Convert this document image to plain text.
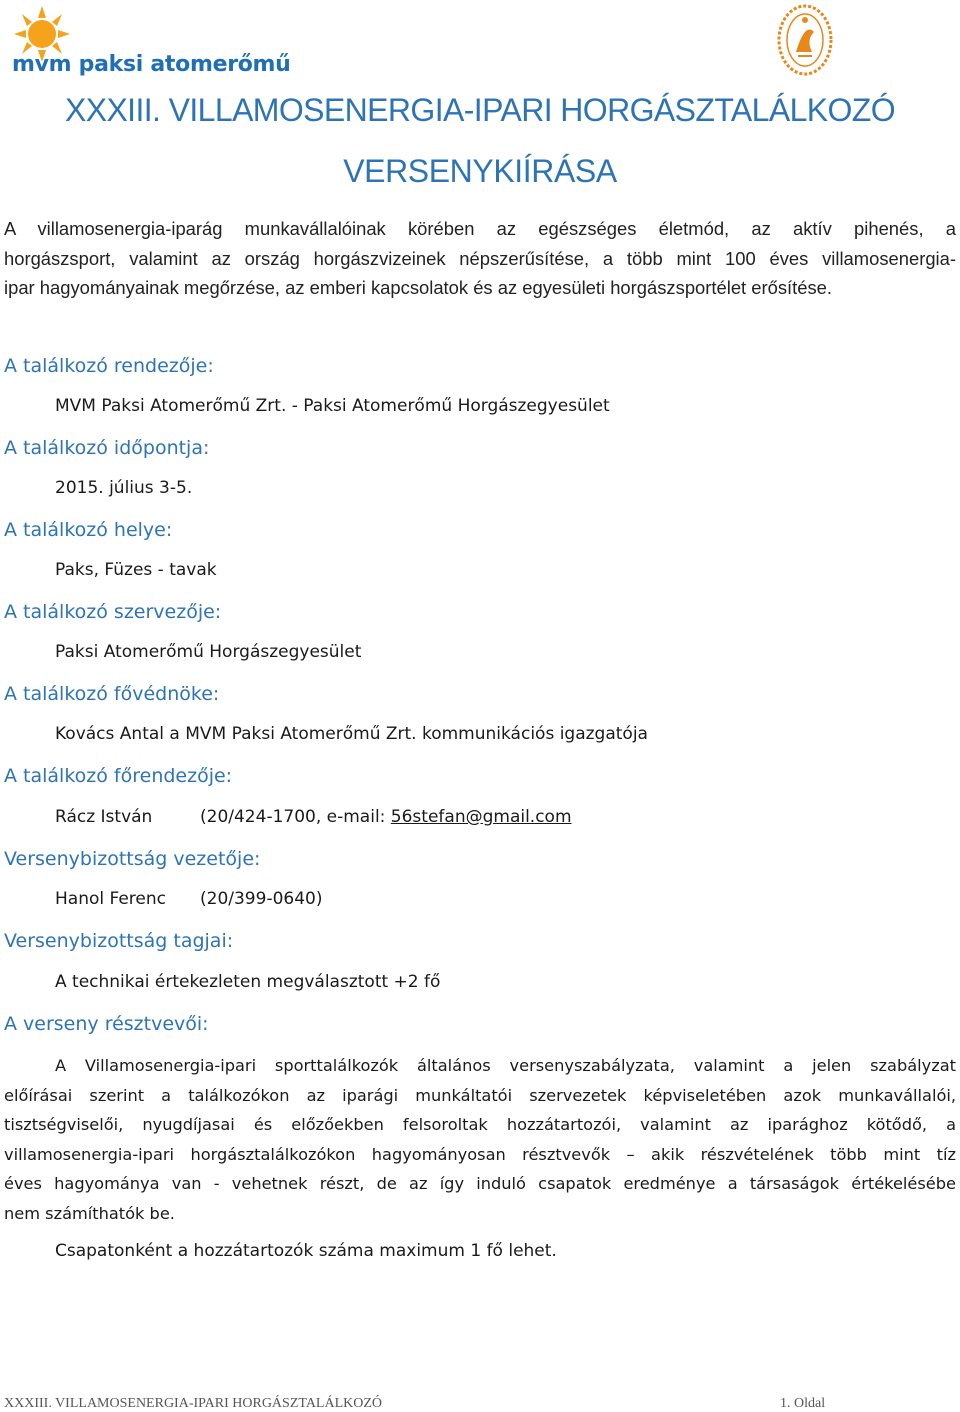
mvm paksi atomerőmű
XXXIII. VILLAMOSENERGIA-IPARI HORGÁSZTALÁLKOZÓ
VERSENYKIÍRÁSA
A villamosenergia-iparág munkavállalóinak körében az egészséges életmód, az aktív pihenés, a
horgászsport, valamint az ország horgászvizeinek népszerűsítése, a több mint 100 éves villamosenergia-
ipar hagyományainak megőrzése, az emberi kapcsolatok és az egyesületi horgászsportélet erősítése.
A találkozó rendezője:
MVM Paksi Atomerőmű Zrt. - Paksi Atomerőmű Horgászegyesület
A találkozó időpontja:
2015. július 3-5.
A találkozó helye:
Paks, Füzes - tavak
A találkozó szervezője:
Paksi Atomerőmű Horgászegyesület
A találkozó fővédnöke:
Kovács Antal a MVM Paksi Atomerőmű Zrt. kommunikációs igazgatója
A találkozó főrendezője:
Rácz István	(20/424-1700, e-mail: 56stefan@gmail.com
Versenybizottság vezetője:
Hanol Ferenc (20/399-0640)
Versenybizottság tagjai:
A technikai értekezleten megválasztott +2 fő
A verseny résztvevői:
A Villamosenergia-ipari sporttalálkozók általános versenyszabályzata, valamint a jelen szabályzat
előírásai szerint a találkozókon az iparági munkáltatói szervezetek képviseletében azok munkavállalói,
tisztségviselői, nyugdíjasai és előzőekben felsoroltak hozzátartozói, valamint az iparághoz kötődő, a
villamosenergia-ipari horgásztalálkozókon hagyományosan résztvevők – akik részvételének több mint tíz
éves hagyománya van - vehetnek részt, de az így induló csapatok eredménye a társaságok értékelésébe
nem számíthatók be.
Csapatonként a hozzátartozók száma maximum 1 fő lehet.
XXXIII. VILLAMOSENERGIA-IPARI HORGÁSZTALÁLKOZÓ	1. Oldal
